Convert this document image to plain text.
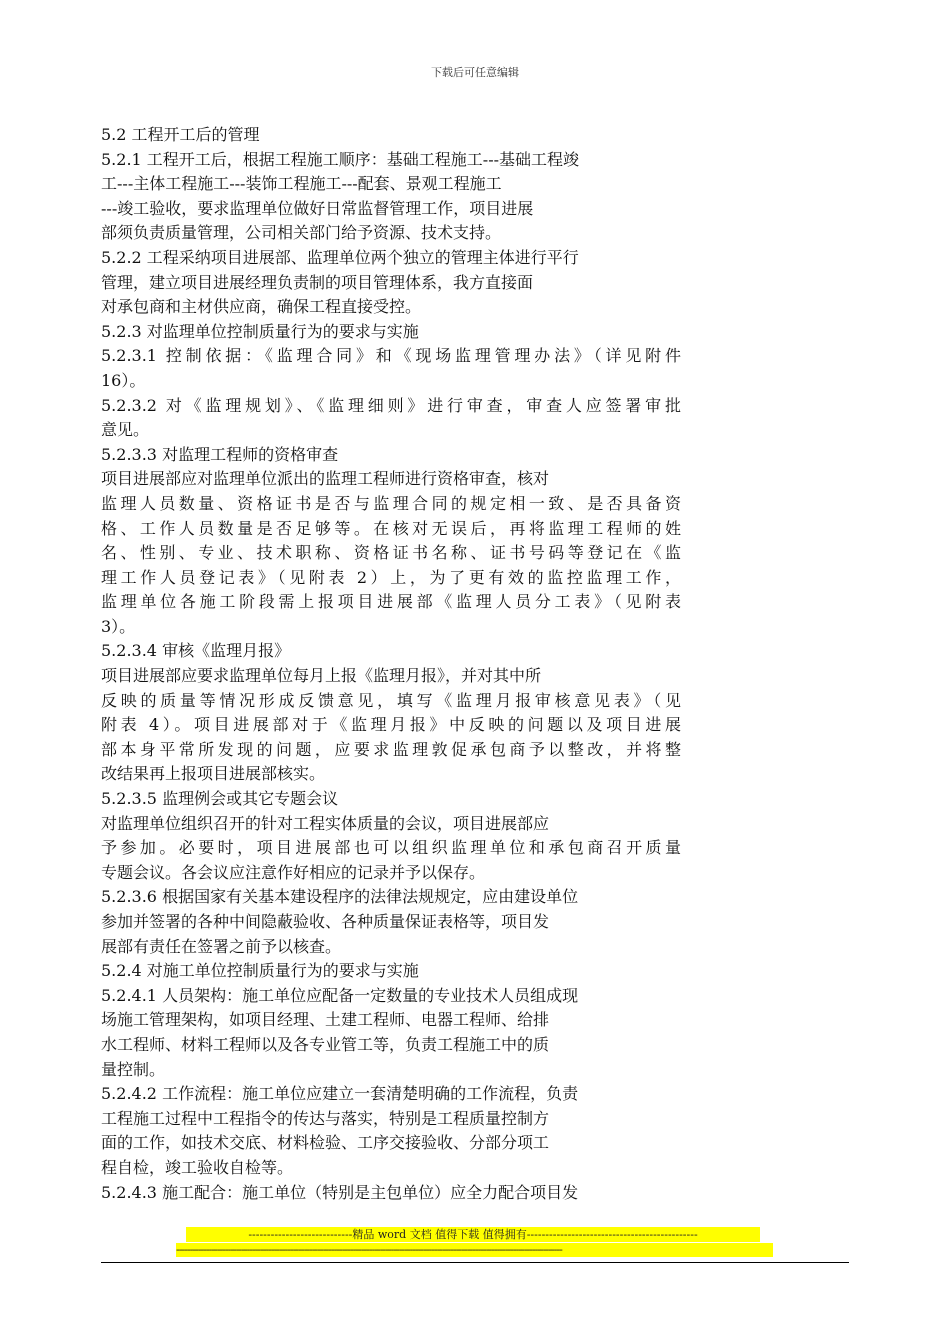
下载后可任意编辑
5.2 工程开工后的管理
5.2.1 工程开工后，根据工程施工顺序：基础工程施工---基础工程竣
工---主体工程施工---装饰工程施工---配套、景观工程施工
---竣工验收，要求监理单位做好日常监督管理工作，项目进展
部须负责质量管理，公司相关部门给予资源、技术支持。
5.2.2 工程采纳项目进展部、监理单位两个独立的管理主体进行平行
管理，建立项目进展经理负责制的项目管理体系，我方直接面
对承包商和主材供应商，确保工程直接受控。
5.2.3 对监理单位控制质量行为的要求与实施
5.2.3.1 控制依据：《监理合同》和《现场监理管理办法》（详见附件
16）。
5.2.3.2 对《监理规划》、《监理细则》进行审查，审查人应签署审批
意见。
5.2.3.3 对监理工程师的资格审查
项目进展部应对监理单位派出的监理工程师进行资格审查，核对
监理人员数量、资格证书是否与监理合同的规定相一致、是否具备资
格、工作人员数量是否足够等。在核对无误后，再将监理工程师的姓
名、性别、专业、技术职称、资格证书名称、证书号码等登记在《监
理工作人员登记表》（见附表 2）上，为了更有效的监控监理工作，
监理单位各施工阶段需上报项目进展部《监理人员分工表》（见附表
3）。
5.2.3.4 审核《监理月报》
项目进展部应要求监理单位每月上报《监理月报》，并对其中所
反映的质量等情况形成反馈意见，填写《监理月报审核意见表》（见
附表 4）。项目进展部对于《监理月报》中反映的问题以及项目进展
部本身平常所发现的问题，应要求监理敦促承包商予以整改，并将整
改结果再上报项目进展部核实。
5.2.3.5 监理例会或其它专题会议
对监理单位组织召开的针对工程实体质量的会议，项目进展部应
予参加。必要时，项目进展部也可以组织监理单位和承包商召开质量
专题会议。各会议应注意作好相应的记录并予以保存。
5.2.3.6 根据国家有关基本建设程序的法律法规规定，应由建设单位
参加并签署的各种中间隐蔽验收、各种质量保证表格等，项目发
展部有责任在签署之前予以核查。
5.2.4 对施工单位控制质量行为的要求与实施
5.2.4.1 人员架构：施工单位应配备一定数量的专业技术人员组成现
场施工管理架构，如项目经理、土建工程师、电器工程师、给排
水工程师、材料工程师以及各专业管工等，负责工程施工中的质
量控制。
5.2.4.2 工作流程：施工单位应建立一套清楚明确的工作流程，负责
工程施工过程中工程指令的传达与落实，特别是工程质量控制方
面的工作，如技术交底、材料检验、工序交接验收、分部分项工
程自检，竣工验收自检等。
5.2.4.3 施工配合：施工单位（特别是主包单位）应全力配合项目发
----------------------------精品 word 文档 值得下载 值得拥有----------------------------------------------
----------------------------------------------------------------------------------------------------------------------------------------------
